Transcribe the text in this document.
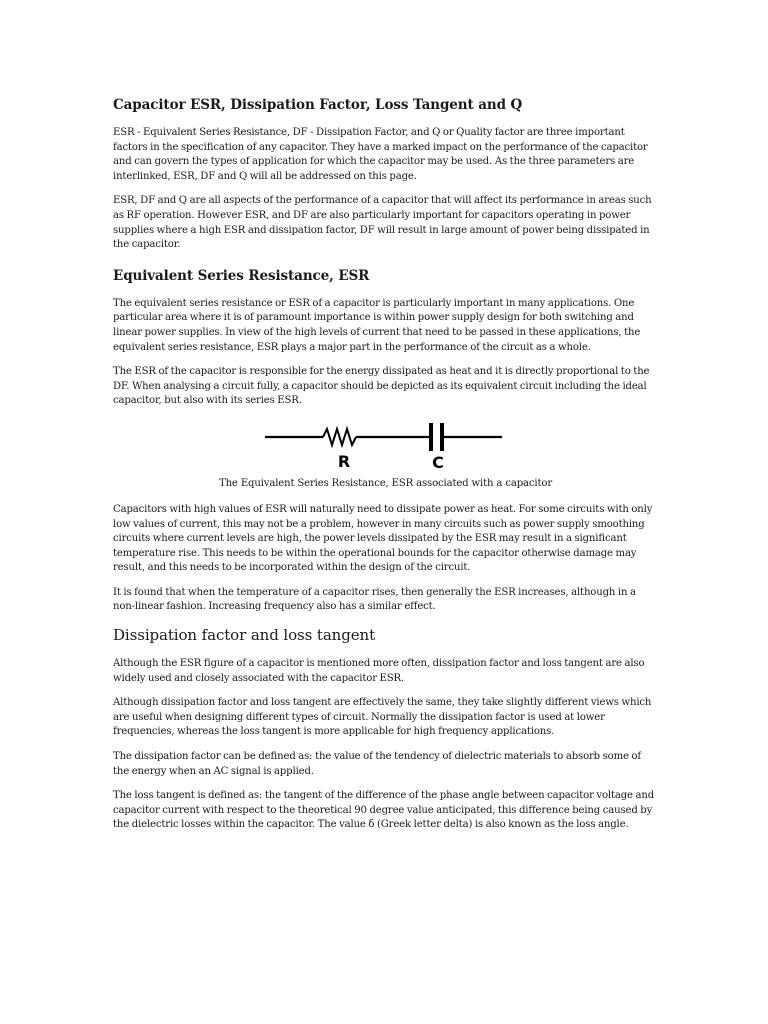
Capacitor ESR, Dissipation Factor, Loss Tangent and Q

ESR - Equivalent Series Resistance, DF - Dissipation Factor, and Q or Quality factor are three important factors in the specification of any capacitor. They have a marked impact on the performance of the capacitor and can govern the types of application for which the capacitor may be used. As the three parameters are interlinked, ESR, DF and Q will all be addressed on this page.

ESR, DF and Q are all aspects of the performance of a capacitor that will affect its performance in areas such as RF operation. However ESR, and DF are also particularly important for capacitors operating in power supplies where a high ESR and dissipation factor, DF will result in large amount of power being dissipated in the capacitor.

Equivalent Series Resistance, ESR

The equivalent series resistance or ESR of a capacitor is particularly important in many applications. One particular area where it is of paramount importance is within power supply design for both switching and linear power supplies. In view of the high levels of current that need to be passed in these applications, the equivalent series resistance, ESR plays a major part in the performance of the circuit as a whole.

The ESR of the capacitor is responsible for the energy dissipated as heat and it is directly proportional to the DF. When analysing a circuit fully, a capacitor should be depicted as its equivalent circuit including the ideal capacitor, but also with its series ESR.

R	C
The Equivalent Series Resistance, ESR associated with a capacitor

Capacitors with high values of ESR will naturally need to dissipate power as heat. For some circuits with only low values of current, this may not be a problem, however in many circuits such as power supply smoothing circuits where current levels are high, the power levels dissipated by the ESR may result in a significant temperature rise. This needs to be within the operational bounds for the capacitor otherwise damage may result, and this needs to be incorporated within the design of the circuit.

It is found that when the temperature of a capacitor rises, then generally the ESR increases, although in a non-linear fashion. Increasing frequency also has a similar effect.

Dissipation factor and loss tangent

Although the ESR figure of a capacitor is mentioned more often, dissipation factor and loss tangent are also widely used and closely associated with the capacitor ESR.

Although dissipation factor and loss tangent are effectively the same, they take slightly different views which are useful when designing different types of circuit. Normally the dissipation factor is used at lower frequencies, whereas the loss tangent is more applicable for high frequency applications.

The dissipation factor can be defined as: the value of the tendency of dielectric materials to absorb some of the energy when an AC signal is applied.

The loss tangent is defined as: the tangent of the difference of the phase angle between capacitor voltage and capacitor current with respect to the theoretical 90 degree value anticipated, this difference being caused by the dielectric losses within the capacitor. The value δ (Greek letter delta) is also known as the loss angle.
